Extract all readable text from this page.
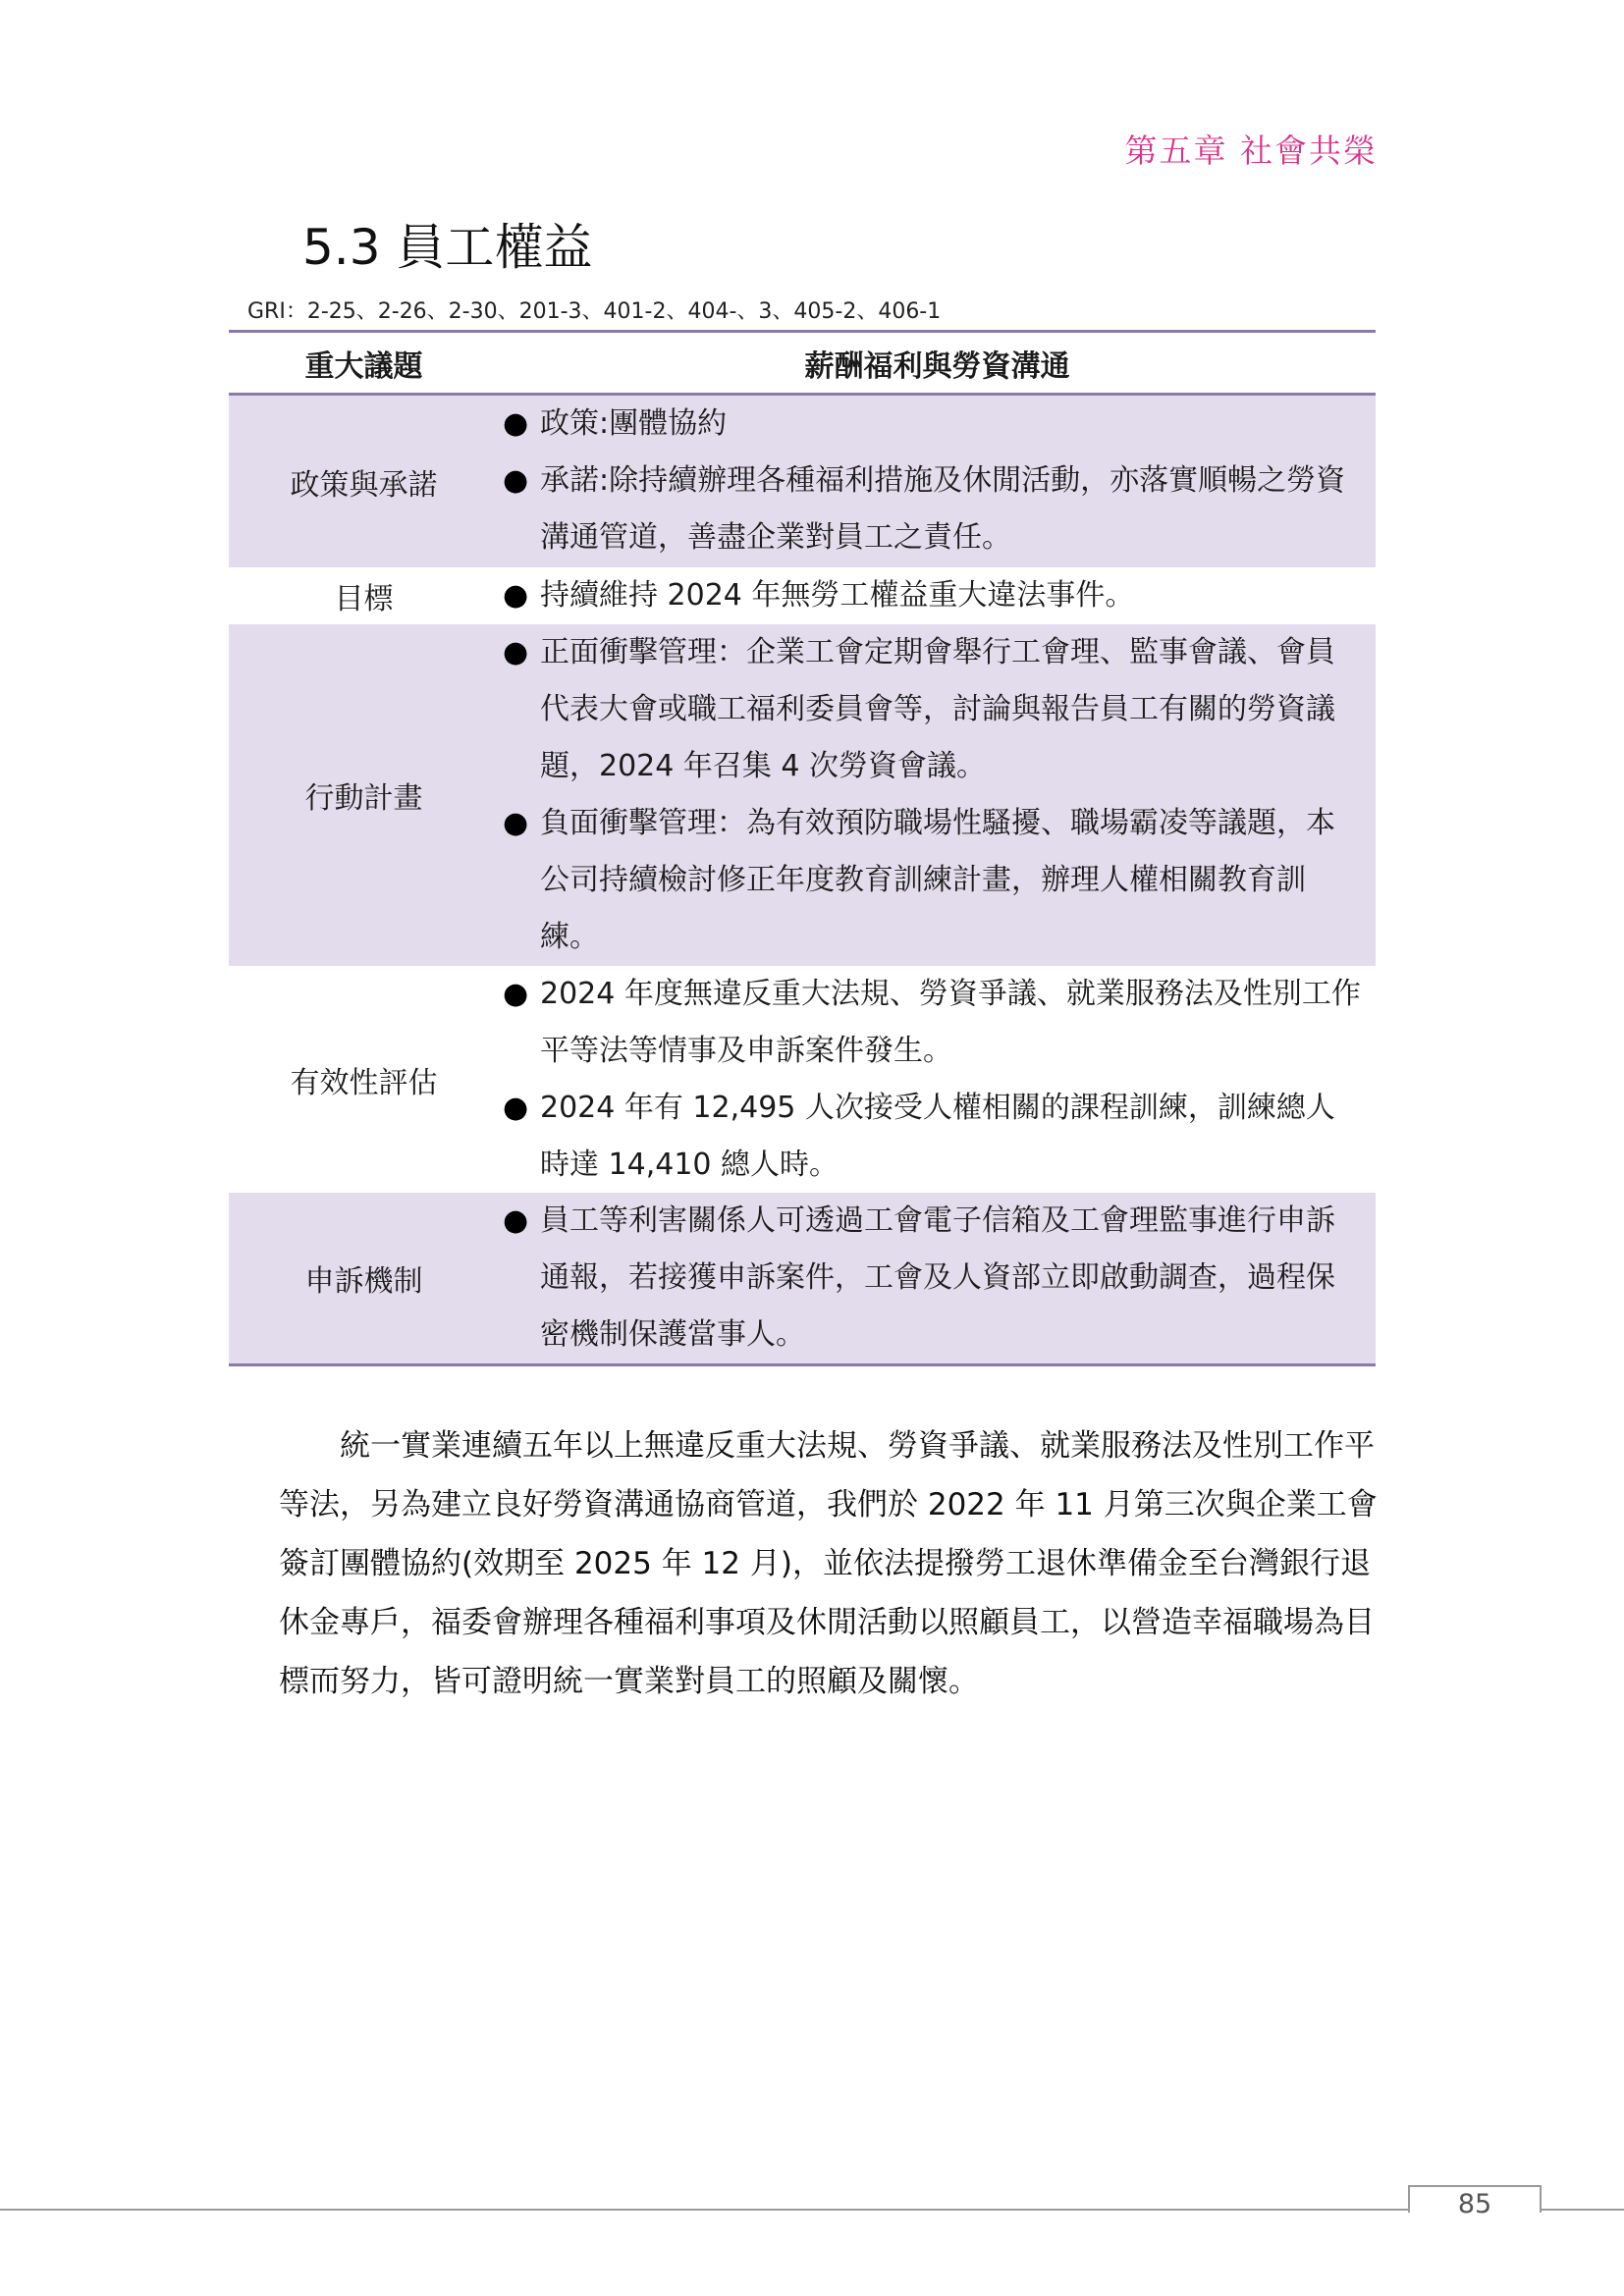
第五章 社會共榮
5.3 員工權益
GRI：2-25、2-26、2-30、201-3、401-2、404-、3、405-2、406-1
重大議題	薪酬福利與勞資溝通
政策與承諾
● 政策:團體協約
● 承諾:除持續辦理各種福利措施及休閒活動，亦落實順暢之勞資溝通管道，善盡企業對員工之責任。
目標	● 持續維持 2024 年無勞工權益重大違法事件。
行動計畫
● 正面衝擊管理：企業工會定期會舉行工會理、監事會議、會員代表大會或職工福利委員會等，討論與報告員工有關的勞資議題，2024 年召集 4 次勞資會議。
● 負面衝擊管理：為有效預防職場性騷擾、職場霸凌等議題，本公司持續檢討修正年度教育訓練計畫，辦理人權相關教育訓練。
有效性評估
● 2024 年度無違反重大法規、勞資爭議、就業服務法及性別工作平等法等情事及申訴案件發生。
● 2024 年有 12,495 人次接受人權相關的課程訓練，訓練總人時達 14,410 總人時。
申訴機制
● 員工等利害關係人可透過工會電子信箱及工會理監事進行申訴通報，若接獲申訴案件，工會及人資部立即啟動調查，過程保密機制保護當事人。
統一實業連續五年以上無違反重大法規、勞資爭議、就業服務法及性別工作平等法，另為建立良好勞資溝通協商管道，我們於 2022 年 11 月第三次與企業工會簽訂團體協約(效期至 2025 年 12 月)，並依法提撥勞工退休準備金至台灣銀行退休金專戶，福委會辦理各種福利事項及休閒活動以照顧員工，以營造幸福職場為目標而努力，皆可證明統一實業對員工的照顧及關懷。
85
